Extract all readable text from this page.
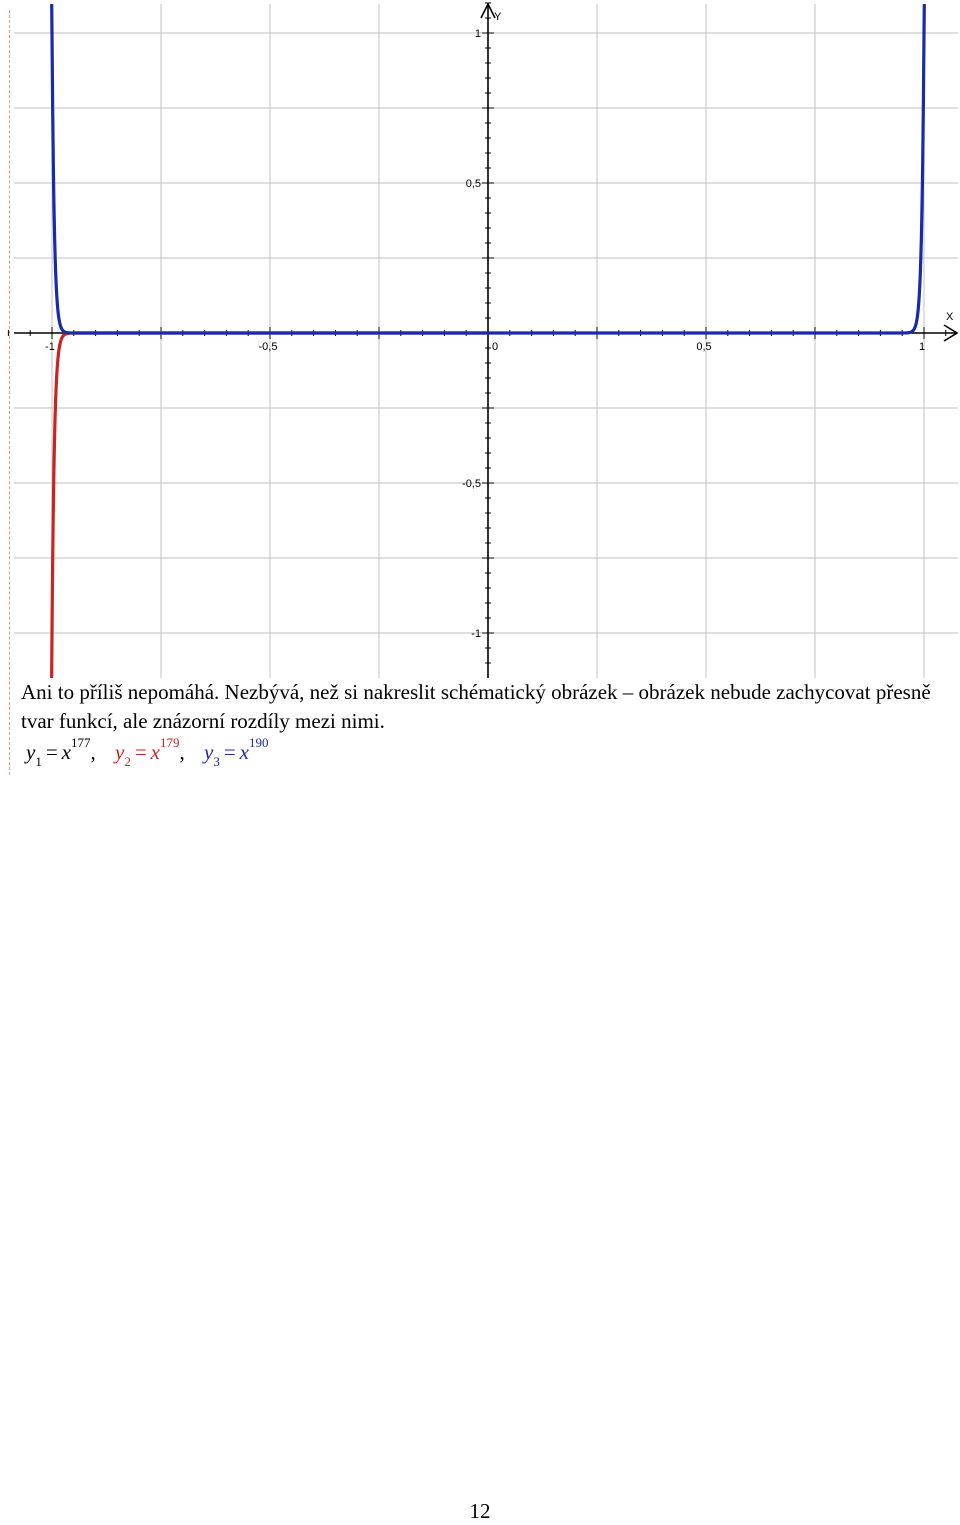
-1	-0,5	0	0,5	1
1
0,5
-0,5
-1
X
Y

Ani to příliš nepomáhá. Nezbývá, než si nakreslit schématický obrázek – obrázek nebude zachycovat přesně tvar funkcí, ale znázorní rozdíly mezi nimi.

$y_1 = x^{177}$, $y_2 = x^{179}$, $y_3 = x^{190}$
12
